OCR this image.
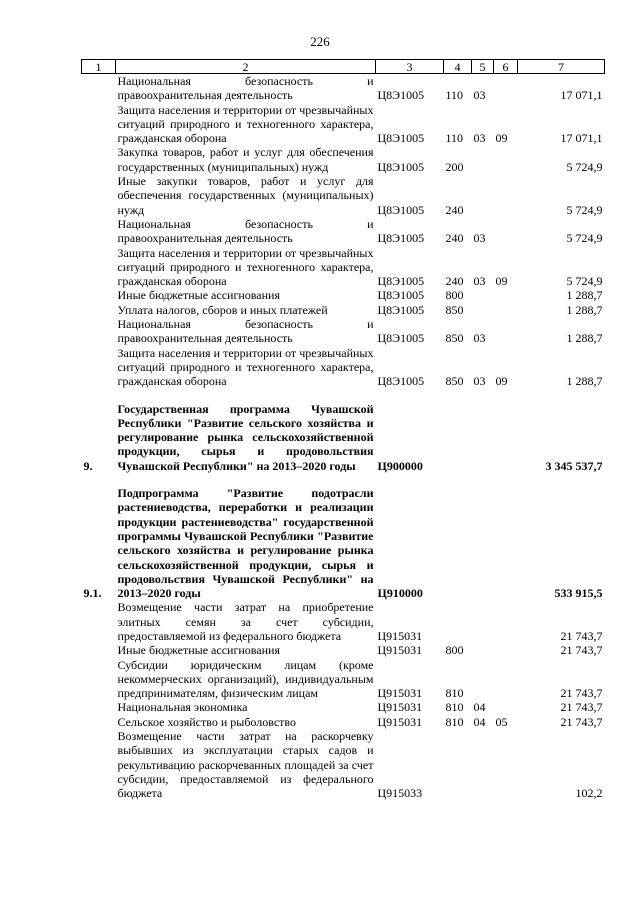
226
1	2	3	4	5	6	7
	Национальная безопасность и правоохранительная деятельность	Ц8Э1005	110	03		17 071,1
	Защита населения и территории от чрезвычайных ситуаций природного и техногенного характера, гражданская оборона	Ц8Э1005	110	03	09	17 071,1
	Закупка товаров, работ и услуг для обеспечения государственных (муниципальных) нужд	Ц8Э1005	200			5 724,9
	Иные закупки товаров, работ и услуг для обеспечения государственных (муниципальных) нужд	Ц8Э1005	240			5 724,9
	Национальная безопасность и правоохранительная деятельность	Ц8Э1005	240	03		5 724,9
	Защита населения и территории от чрезвычайных ситуаций природного и техногенного характера, гражданская оборона	Ц8Э1005	240	03	09	5 724,9
	Иные бюджетные ассигнования	Ц8Э1005	800			1 288,7
	Уплата налогов, сборов и иных платежей	Ц8Э1005	850			1 288,7
	Национальная безопасность и правоохранительная деятельность	Ц8Э1005	850	03		1 288,7
	Защита населения и территории от чрезвычайных ситуаций природного и техногенного характера, гражданская оборона	Ц8Э1005	850	03	09	1 288,7

9.	Государственная программа Чувашской Республики "Развитие сельского хозяйства и регулирование рынка сельскохозяйственной продукции, сырья и продовольствия Чувашской Республики" на 2013–2020 годы	Ц900000				3 345 537,7

9.1.	Подпрограмма "Развитие подотрасли растениеводства, переработки и реализации продукции растениеводства" государственной программы Чувашской Республики "Развитие сельского хозяйства и регулирование рынка сельскохозяйственной продукции, сырья и продовольствия Чувашской Республики" на 2013–2020 годы	Ц910000				533 915,5
	Возмещение части затрат на приобретение элитных семян за счет субсидии, предоставляемой из федерального бюджета	Ц915031				21 743,7
	Иные бюджетные ассигнования	Ц915031	800			21 743,7
	Субсидии юридическим лицам (кроме некоммерческих организаций), индивидуальным предпринимателям, физическим лицам	Ц915031	810			21 743,7
	Национальная экономика	Ц915031	810	04		21 743,7
	Сельское хозяйство и рыболовство	Ц915031	810	04	05	21 743,7
	Возмещение части затрат на раскорчевку выбывших из эксплуатации старых садов и рекультивацию раскорчеванных площадей за счет субсидии, предоставляемой из федерального бюджета	Ц915033				102,2
